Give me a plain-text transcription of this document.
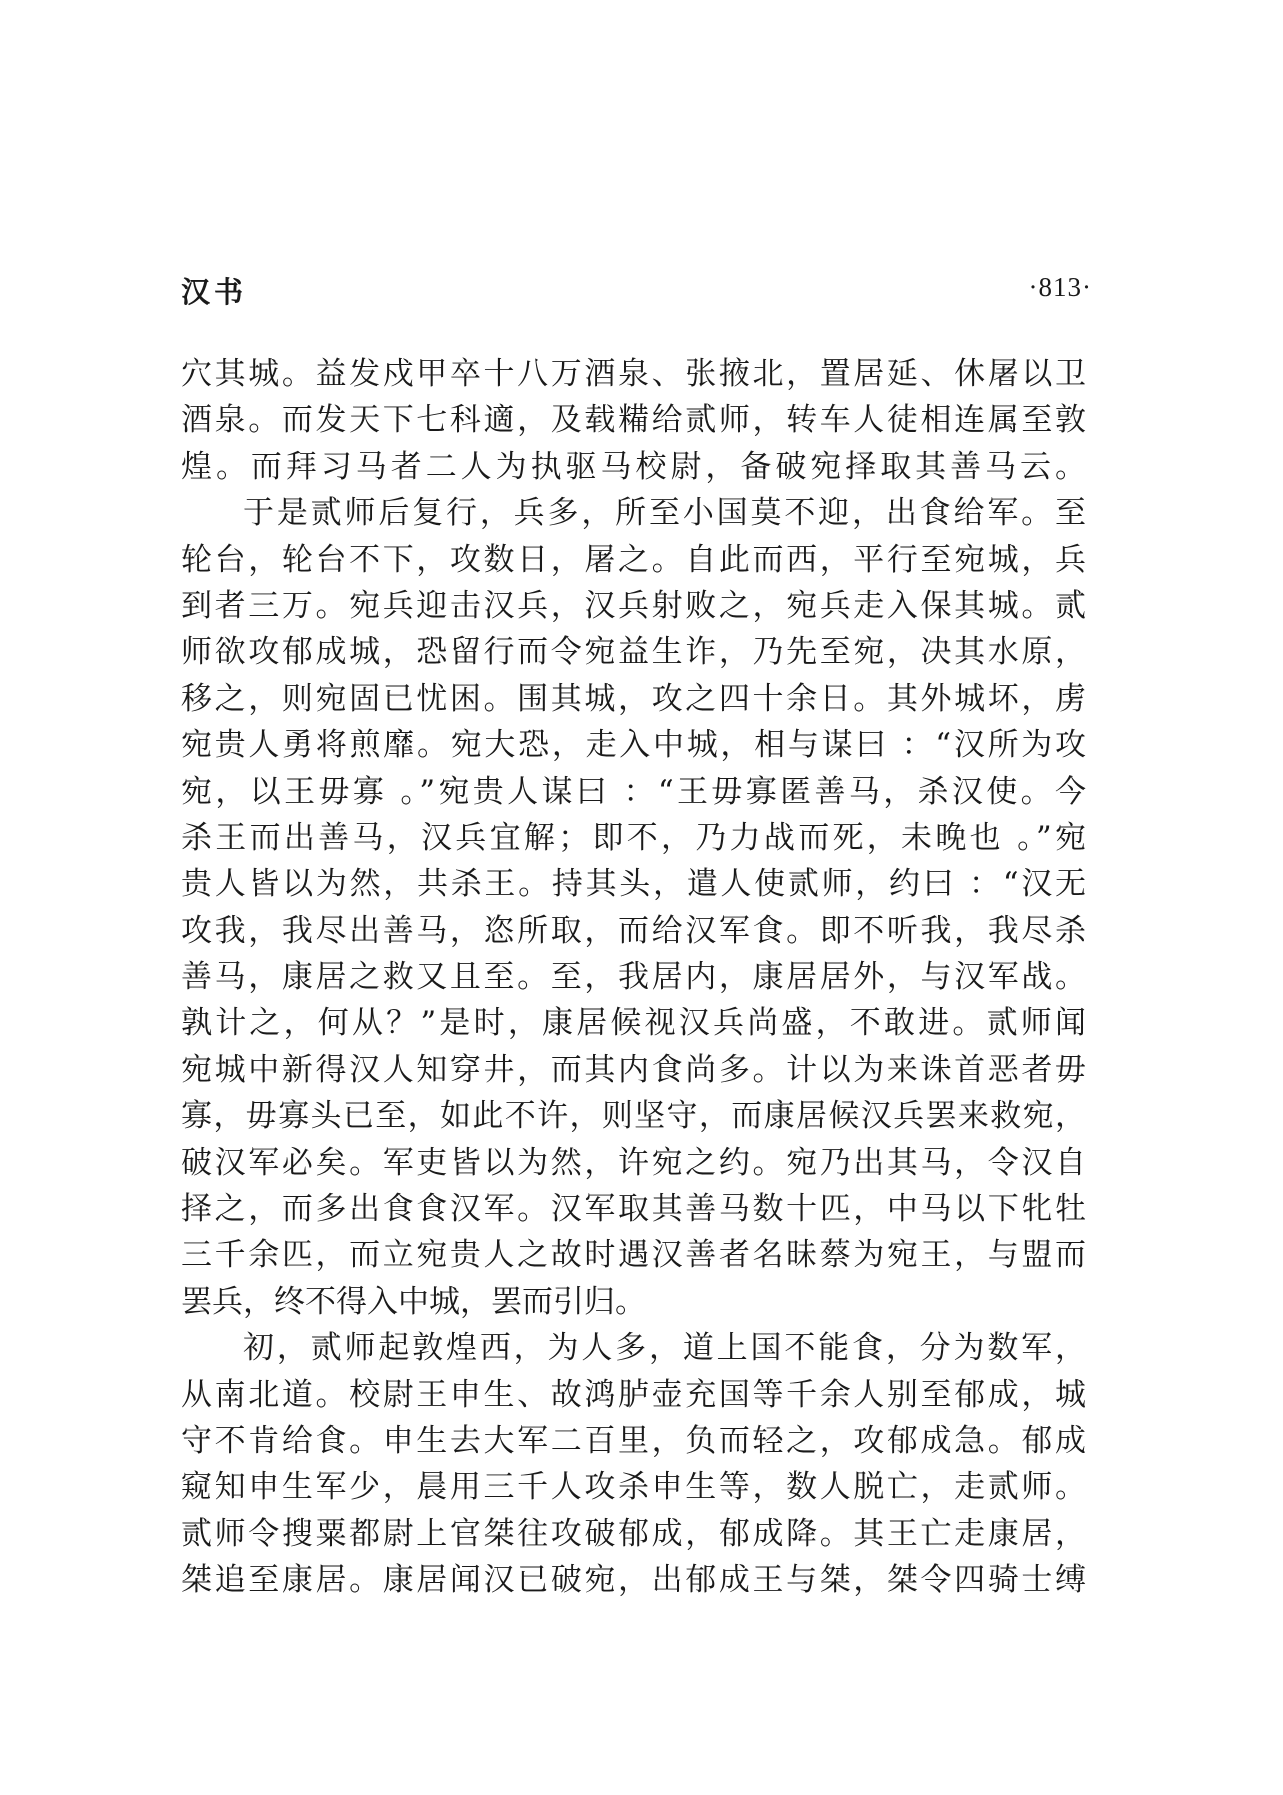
汉书	·813·
穴其城。益发戍甲卒十八万酒泉、张掖北，置居延、休屠以卫
酒泉。而发天下七科適，及载糒给贰师，转车人徒相连属至敦
煌。而拜习马者二人为执驱马校尉，备破宛择取其善马云。
于是贰师后复行，兵多，所至小国莫不迎，出食给军。至
轮台，轮台不下，攻数日，屠之。自此而西，平行至宛城，兵
到者三万。宛兵迎击汉兵，汉兵射败之，宛兵走入保其城。贰
师欲攻郁成城，恐留行而令宛益生诈，乃先至宛，决其水原，
移之，则宛固已忧困。围其城，攻之四十余日。其外城坏，虏
宛贵人勇将煎靡。宛大恐，走入中城，相与谋曰 ：“汉所为攻
宛，以王毋寡 。”宛贵人谋曰 ：“王毋寡匿善马，杀汉使。今
杀王而出善马，汉兵宜解；即不，乃力战而死，未晚也 。”宛
贵人皆以为然，共杀王。持其头，遣人使贰师，约曰 ：“汉无
攻我，我尽出善马，恣所取，而给汉军食。即不听我，我尽杀
善马，康居之救又且至。至，我居内，康居居外，与汉军战。
孰计之，何从？”是时，康居候视汉兵尚盛，不敢进。贰师闻
宛城中新得汉人知穿井，而其内食尚多。计以为来诛首恶者毋
寡，毋寡头已至，如此不许，则坚守，而康居候汉兵罢来救宛，
破汉军必矣。军吏皆以为然，许宛之约。宛乃出其马，令汉自
择之，而多出食食汉军。汉军取其善马数十匹，中马以下牝牡
三千余匹，而立宛贵人之故时遇汉善者名昧蔡为宛王，与盟而
罢兵，终不得入中城，罢而引归。
初，贰师起敦煌西，为人多，道上国不能食，分为数军，
从南北道。校尉王申生、故鸿胪壶充国等千余人别至郁成，城
守不肯给食。申生去大军二百里，负而轻之，攻郁成急。郁成
窥知申生军少，晨用三千人攻杀申生等，数人脱亡，走贰师。
贰师令搜粟都尉上官桀往攻破郁成，郁成降。其王亡走康居，
桀追至康居。康居闻汉已破宛，出郁成王与桀，桀令四骑士缚
